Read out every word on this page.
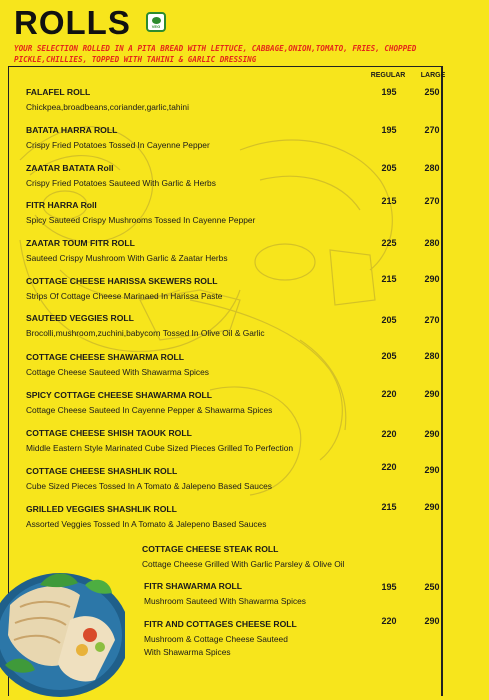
ROLLS	VEG
YOUR SELECTION ROLLED IN A PITA BREAD WITH LETTUCE, CABBAGE,ONION,TOMATO, FRIES, CHOPPED PICKLE,CHILLIES, TOPPED WITH TAHINI & GARLIC DRESSING
REGULAR	LARGE
FALAFEL ROLL
Chickpea,broadbeans,coriander,garlic,tahini
195	250
BATATA HARRA ROLL
Crispy Fried Potatoes Tossed In Cayenne Pepper
195	270
ZAATAR BATATA Roll
Crispy Fried Potatoes Sauteed With Garlic & Herbs
205	280
FITR HARRA Roll
Spicy Sauteed Crispy Mushrooms Tossed In Cayenne Pepper
215	270
ZAATAR TOUM FITR ROLL
Sauteed Crispy Mushroom With Garlic & Zaatar Herbs
225	280
COTTAGE CHEESE HARISSA SKEWERS ROLL
Strips Of Cottage Cheese Marinaed In Harissa Paste
215	290
SAUTEED VEGGIES ROLL
Brocolli,mushroom,zuchini,babycorn Tossed In Olive Oil & Garlic
205	270
COTTAGE CHEESE SHAWARMA ROLL
Cottage Cheese Sauteed With Shawarma Spices
205	280
SPICY COTTAGE CHEESE SHAWARMA ROLL
Cottage Cheese Sauteed In Cayenne Pepper & Shawarma Spices
220	290
COTTAGE CHEESE SHISH TAOUK ROLL
Middle Eastern Style Marinated Cube Sized Pieces Grilled To Perfection
220	290
COTTAGE CHEESE SHASHLIK ROLL
Cube Sized Pieces Tossed In A Tomato & Jalepeno Based Sauces
220	290
GRILLED VEGGIES SHASHLIK ROLL
Assorted Veggies Tossed In A Tomato & Jalepeno Based Sauces
215	290
COTTAGE CHEESE STEAK ROLL
Cottage Cheese Grilled With Garlic Parsley & Olive Oil
FITR SHAWARMA ROLL
Mushroom Sauteed With Shawarma Spices
195	250
FITR AND COTTAGES CHEESE ROLL
Mushroom & Cottage Cheese Sauteed
With Shawarma Spices
220	290
